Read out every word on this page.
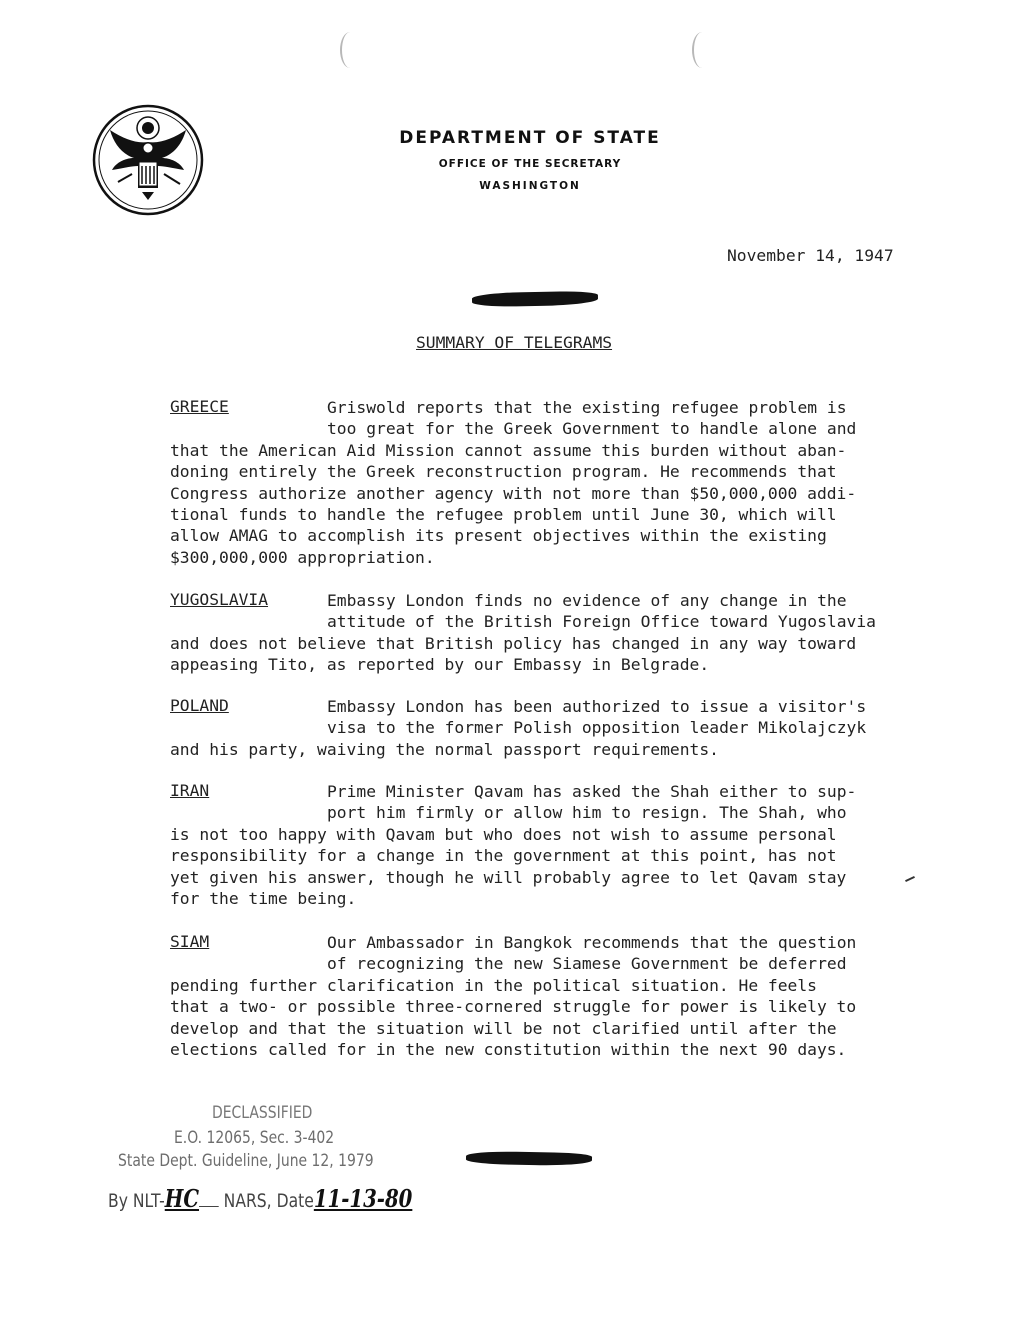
DEPARTMENT OF STATE
OFFICE OF THE SECRETARY
WASHINGTON
November 14, 1947
SUMMARY OF TELEGRAMS
GREECE	Griswold reports that the existing refugee problem is
too great for the Greek Government to handle alone and
that the American Aid Mission cannot assume this burden without aban-
doning entirely the Greek reconstruction program. He recommends that
Congress authorize another agency with not more than $50,000,000 addi-
tional funds to handle the refugee problem until June 30, which will
allow AMAG to accomplish its present objectives within the existing
$300,000,000 appropriation.
YUGOSLAVIA	Embassy London finds no evidence of any change in the
attitude of the British Foreign Office toward Yugoslavia
and does not believe that British policy has changed in any way toward
appeasing Tito, as reported by our Embassy in Belgrade.
POLAND	Embassy London has been authorized to issue a visitor's
visa to the former Polish opposition leader Mikolajczyk
and his party, waiving the normal passport requirements.
IRAN	Prime Minister Qavam has asked the Shah either to sup-
port him firmly or allow him to resign. The Shah, who
is not too happy with Qavam but who does not wish to assume personal
responsibility for a change in the government at this point, has not
yet given his answer, though he will probably agree to let Qavam stay
for the time being.
SIAM	Our Ambassador in Bangkok recommends that the question
of recognizing the new Siamese Government be deferred
pending further clarification in the political situation. He feels
that a two- or possible three-cornered struggle for power is likely to
develop and that the situation will be not clarified until after the
elections called for in the new constitution within the next 90 days.
DECLASSIFIED
E.O. 12065, Sec. 3-402
State Dept. Guideline, June 12, 1979
By NLT-HC NARS, Date11-13-80
